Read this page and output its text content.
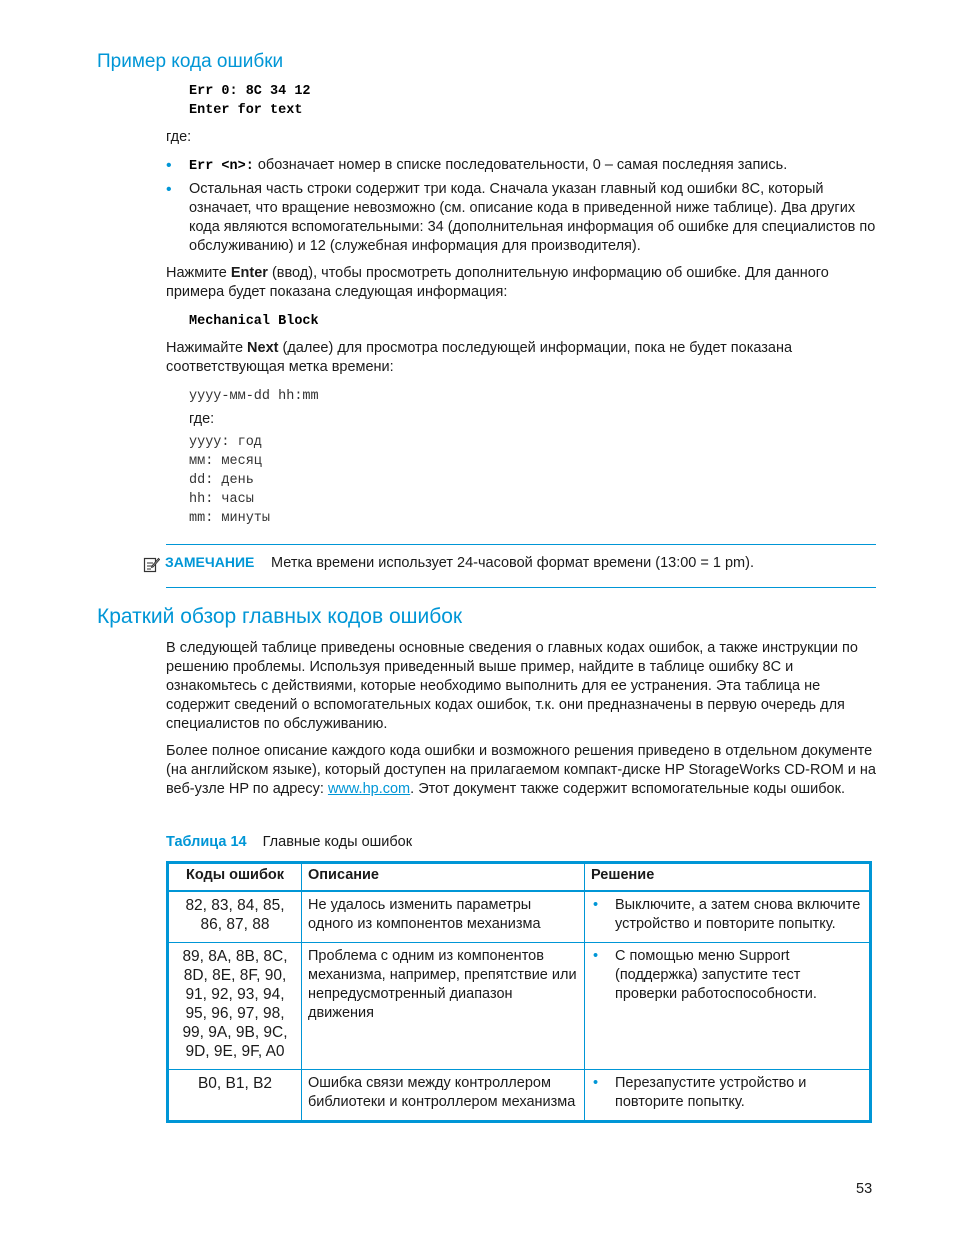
Пример кода ошибки
Err 0: 8C 34 12
Enter for text
где:
• Err <n>: обозначает номер в списке последовательности, 0 – самая последняя запись.
• Остальная часть строки содержит три кода. Сначала указан главный код ошибки 8C, который означает, что вращение невозможно (см. описание кода в приведенной ниже таблице). Два других кода являются вспомогательными: 34 (дополнительная информация об ошибке для специалистов по обслуживанию) и 12 (служебная информация для производителя).
Нажмите Enter (ввод), чтобы просмотреть дополнительную информацию об ошибке. Для данного примера будет показана следующая информация:
Mechanical Block
Нажимайте Next (далее) для просмотра последующей информации, пока не будет показана соответствующая метка времени:
yyyy-мм-dd hh:mm
где:
yyyy: год
мм: месяц
dd: день
hh: часы
mm: минуты
ЗАМЕЧАНИЕ Метка времени использует 24-часовой формат времени (13:00 = 1 pm).
Краткий обзор главных кодов ошибок
В следующей таблице приведены основные сведения о главных кодах ошибок, а также инструкции по решению проблемы. Используя приведенный выше пример, найдите в таблице ошибку 8C и ознакомьтесь с действиями, которые необходимо выполнить для ее устранения. Эта таблица не содержит сведений о вспомогательных кодах ошибок, т.к. они предназначены в первую очередь для специалистов по обслуживанию.
Более полное описание каждого кода ошибки и возможного решения приведено в отдельном документе (на английском языке), который доступен на прилагаемом компакт-диске HP StorageWorks CD-ROM и на веб-узле HP по адресу: www.hp.com. Этот документ также содержит вспомогательные коды ошибок.
Таблица 14 Главные коды ошибок
Коды ошибок	Описание	Решение
82, 83, 84, 85, 86, 87, 88	Не удалось изменить параметры одного из компонентов механизма	• Выключите, а затем снова включите устройство и повторите попытку.

89, 8A, 8B, 8C, 8D, 8E, 8F, 90, 91, 92, 93, 94, 95, 96, 97, 98, 99, 9A, 9B, 9C, 9D, 9E, 9F, A0	Проблема с одним из компонентов механизма, например, препятствие или непредусмотренный диапазон движения	• С помощью меню Support (поддержка) запустите тест проверки работоспособности.

B0, B1, B2	Ошибка связи между контроллером библиотеки и контроллером механизма	• Перезапустите устройство и повторите попытку.
53
